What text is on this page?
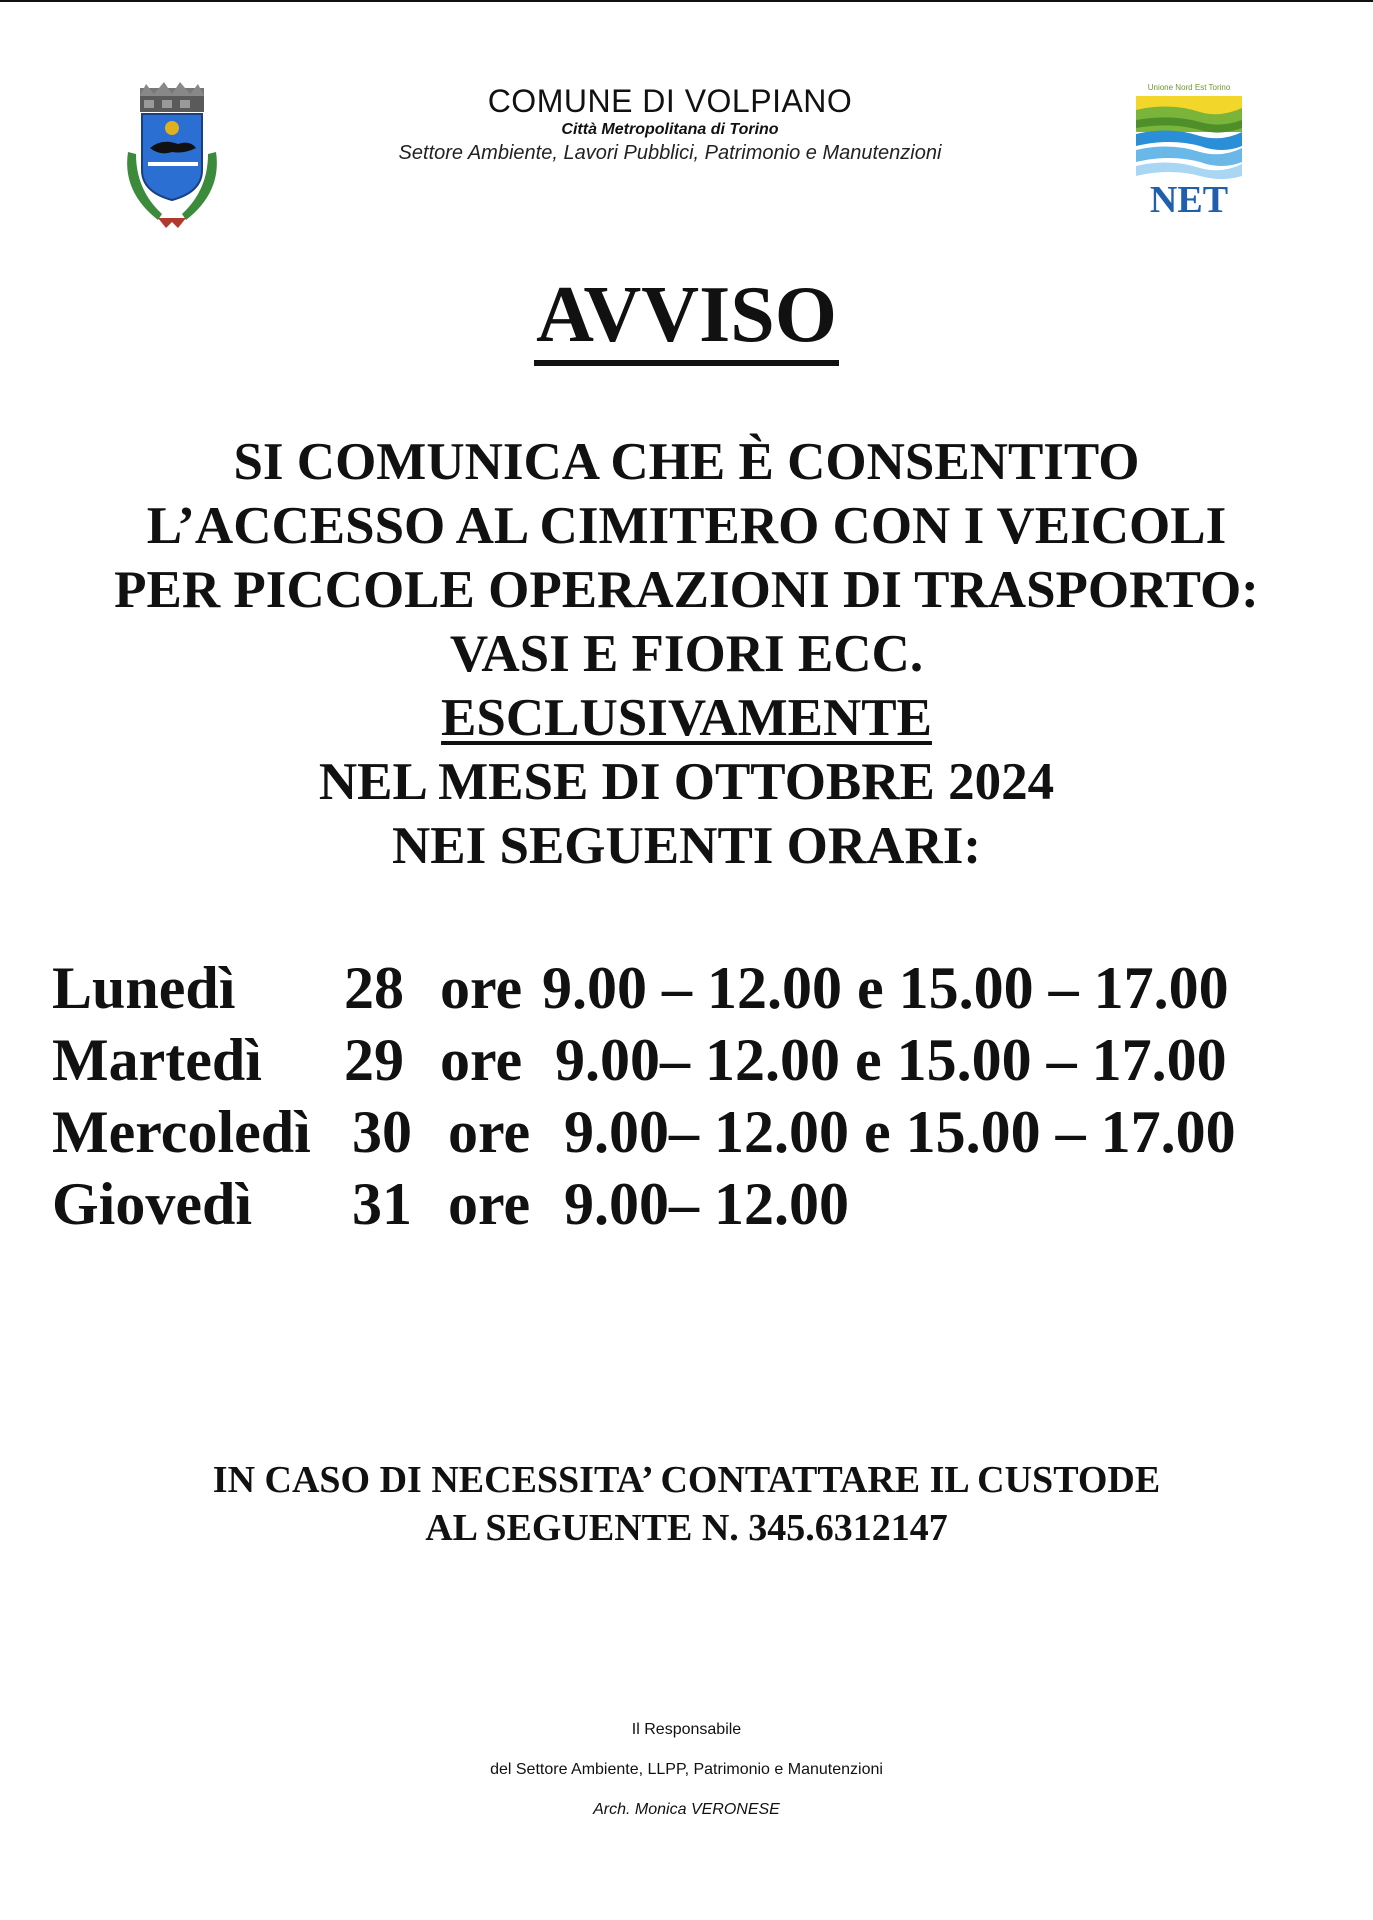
COMUNE DI VOLPIANO
Città Metropolitana di Torino
Settore Ambiente, Lavori Pubblici, Patrimonio e Manutenzioni
Unione Nord Est Torino
NET
AVVISO
SI COMUNICA CHE È CONSENTITO
L’ACCESSO AL CIMITERO CON I VEICOLI
PER PICCOLE OPERAZIONI DI TRASPORTO:
VASI E FIORI ECC.
ESCLUSIVAMENTE
NEL MESE DI OTTOBRE 2024
NEI SEGUENTI ORARI:
Lunedì 28 ore 9.00 – 12.00 e 15.00 – 17.00
Martedì 29 ore 9.00– 12.00 e 15.00 – 17.00
Mercoledì 30 ore 9.00– 12.00 e 15.00 – 17.00
Giovedì 31 ore 9.00– 12.00
IN CASO DI NECESSITA’ CONTATTARE IL CUSTODE
AL SEGUENTE N. 345.6312147
Il Responsabile
del Settore Ambiente, LLPP, Patrimonio e Manutenzioni
Arch. Monica VERONESE
